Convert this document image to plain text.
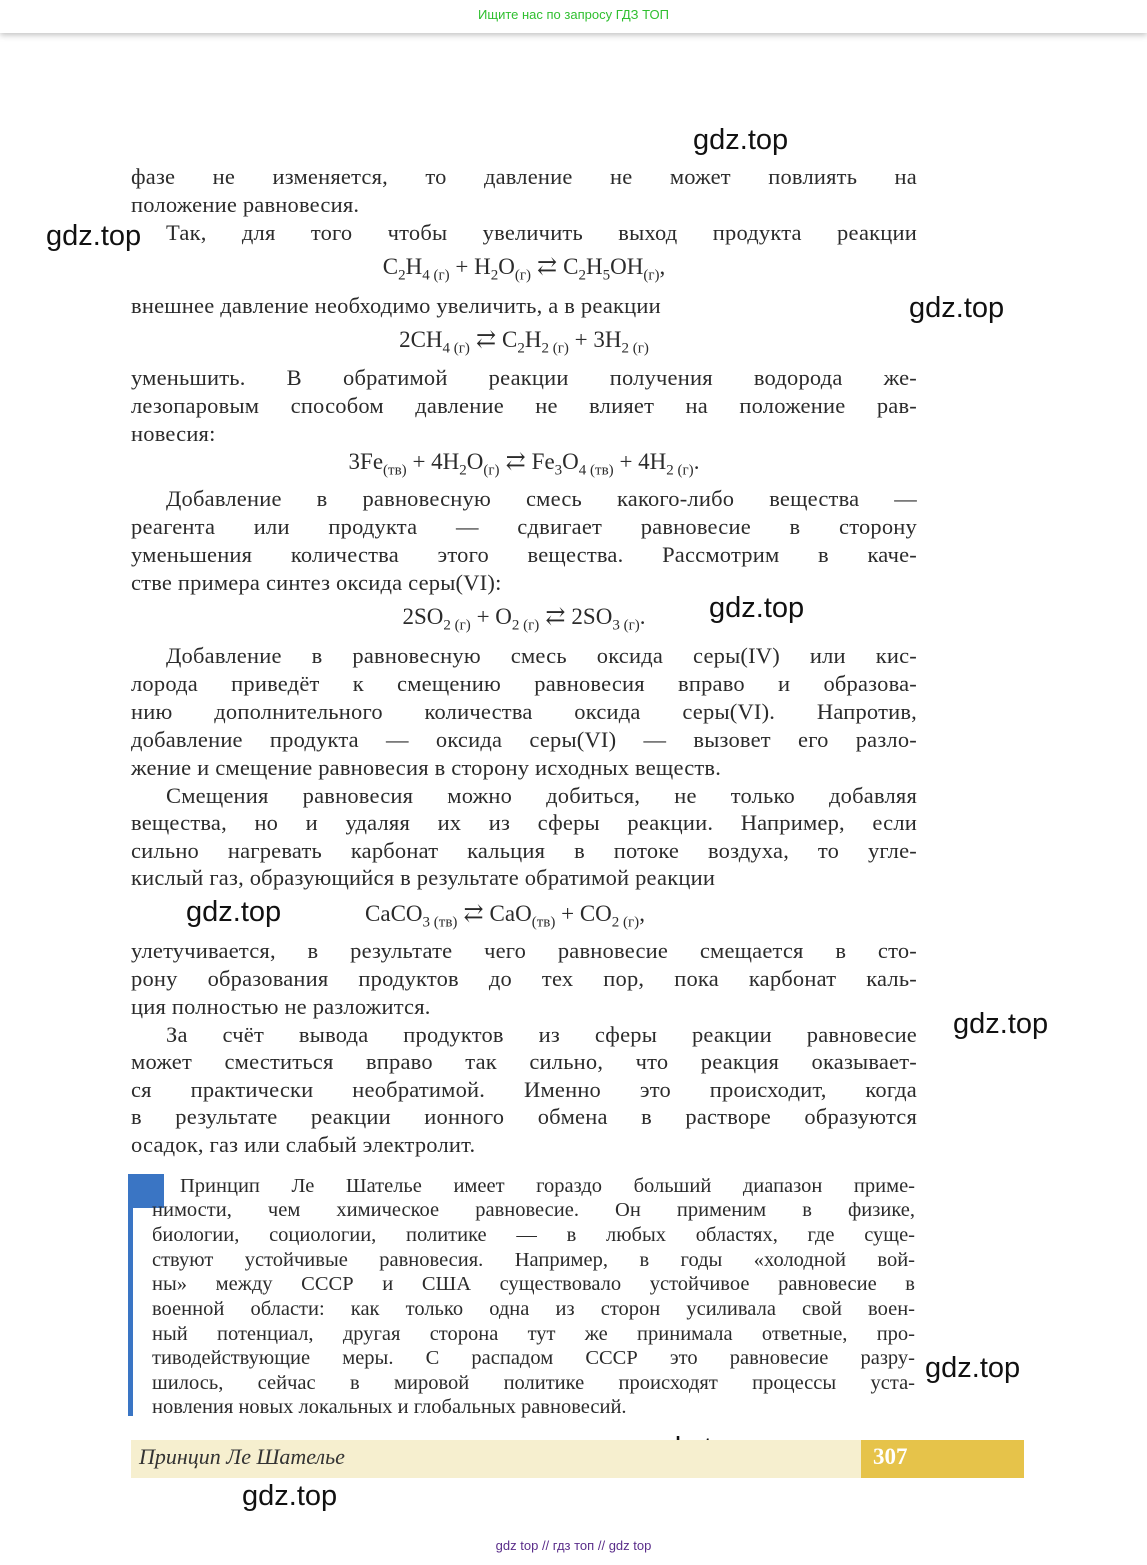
Ищите нас по запросу ГДЗ ТОП
gdz.top
gdz.top
gdz.top
gdz.top
gdz.top
gdz.top
gdz.top
gdz.top
фазе не изменяется, то давление не может повлиять на
положение равновесия.
Так, для того чтобы увеличить выход продукта реакции
$C_2H_{4 (г)} + H_2O_{(г)}$ ⇄ $C_2H_5OH_{(г)}$,
внешнее давление необходимо увеличить, а в реакции
$2CH_{4 (г)}$ ⇄ $C_2H_{2 (г)} + 3H_{2 (г)}$
уменьшить. В обратимой реакции получения водорода же-
лезопаровым способом давление не влияет на положение рав-
новесия:
$3Fe_{(тв)} + 4H_2O_{(г)}$ ⇄ $Fe_3O_{4 (тв)} + 4H_{2 (г)}$.
Добавление в равновесную смесь какого-либо вещества —
реагента или продукта — сдвигает равновесие в сторону
уменьшения количества этого вещества. Рассмотрим в каче-
стве примера синтез оксида серы(VI):
$2SO_{2 (г)} + O_{2 (г)}$ ⇄ $2SO_{3 (г)}$.
Добавление в равновесную смесь оксида серы(IV) или кис-
лорода приведёт к смещению равновесия вправо и образова-
нию дополнительного количества оксида серы(VI). Напротив,
добавление продукта — оксида серы(VI) — вызовет его разло-
жение и смещение равновесия в сторону исходных веществ.
Смещения равновесия можно добиться, не только добавляя
вещества, но и удаляя их из сферы реакции. Например, если
сильно нагревать карбонат кальция в потоке воздуха, то угле-
кислый газ, образующийся в результате обратимой реакции
CaCO$_{3 (тв)}$ ⇄ $CaO_{(тв)} + CO_{2 (г)}$,
улетучивается, в результате чего равновесие смещается в сто-
рону образования продуктов до тех пор, пока карбонат каль-
ция полностью не разложится.
За счёт вывода продуктов из сферы реакции равновесие
может сместиться вправо так сильно, что реакция оказывает-
ся практически необратимой. Именно это происходит, когда
в результате реакции ионного обмена в растворе образуются
осадок, газ или слабый электролит.
Принцип Ле Шателье имеет гораздо больший диапазон приме-
нимости, чем химическое равновесие. Он применим в физике,
биологии, социологии, политике — в любых областях, где суще-
ствуют устойчивые равновесия. Например, в годы «холодной вой-
ны» между СССР и США существовало устойчивое равновесие в
военной области: как только одна из сторон усиливала свой воен-
ный потенциал, другая сторона тут же принимала ответные, про-
тиводействующие меры. С распадом СССР это равновесие разру-
шилось, сейчас в мировой политике происходят процессы уста-
новления новых локальных и глобальных равновесий.
Принцип Ле Шателье	307
gdz top // гдз топ // gdz top
